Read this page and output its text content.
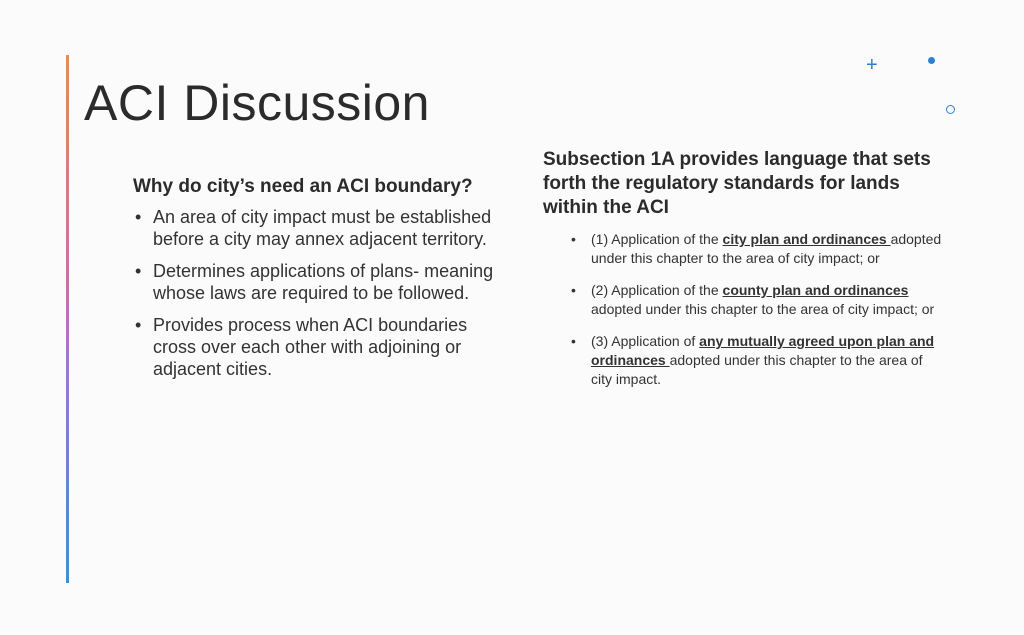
ACI Discussion
+
Why do city’s need an ACI boundary?
• An area of city impact must be established before a city may annex adjacent territory.
• Determines applications of plans- meaning whose laws are required to be followed.
• Provides process when ACI boundaries cross over each other with adjoining or adjacent cities.
Subsection 1A provides language that sets forth the regulatory standards for lands within the ACI
• (1) Application of the city plan and ordinances adopted under this chapter to the area of city impact; or
• (2) Application of the county plan and ordinances adopted under this chapter to the area of city impact; or
• (3) Application of any mutually agreed upon plan and ordinances adopted under this chapter to the area of city impact.
